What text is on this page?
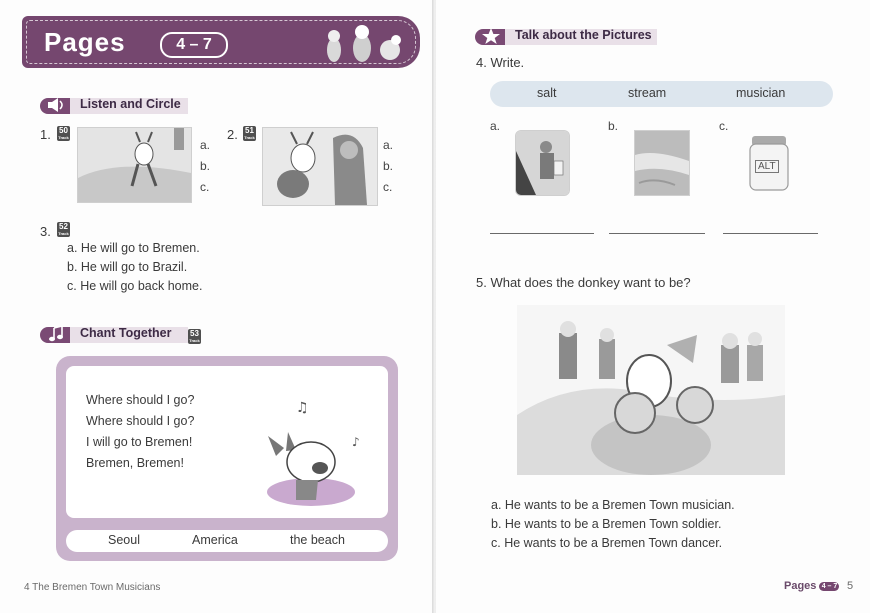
Pages	4 – 7
Listen and Circle
1. 50
Track
a.
b.
c.
2. 51
Track
a.
b.
c.
3. 52
Track
a. He will go to Bremen.
b. He will go to Brazil.
c. He will go back home.
Chant Together 53
Track
Where should I go?
Where should I go?
I will go to Bremen!
Bremen, Bremen!
♫
♪
Seoul	America	the beach
4 The Bremen Town Musicians
Talk about the Pictures
4. Write.
salt	stream	musician
a.	b.	c.
ALT
5. What does the donkey want to be?
a. He wants to be a Bremen Town musician.
b. He wants to be a Bremen Town soldier.
c. He wants to be a Bremen Town dancer.
Pages 4 – 7 5
